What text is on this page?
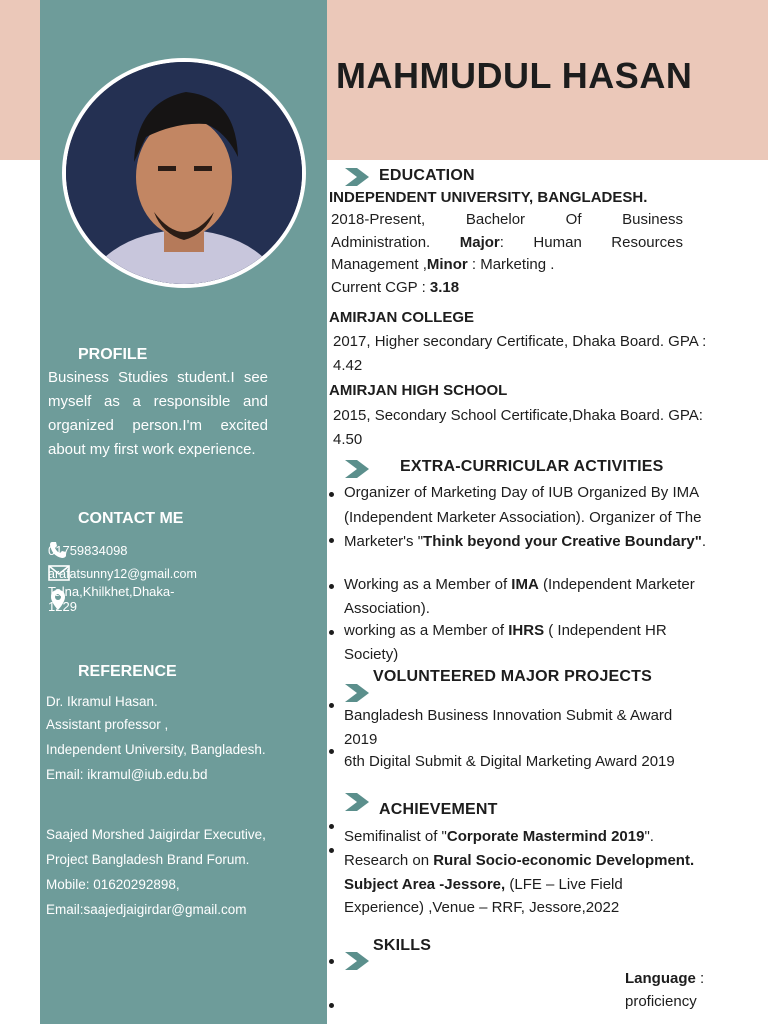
MAHMUDUL HASAN
PROFILE
Business Studies student.I see myself as a responsible and organized person.I'm excited about my first work experience.
CONTACT ME
01759834098
arafatsunny12@gmail.com
Talna,Khilkhet,Dhaka-1229
REFERENCE
Dr. Ikramul Hasan.
Assistant professor ,
Independent University, Bangladesh.
Email: ikramul@iub.edu.bd
Saajed Morshed Jaigirdar Executive,
Project Bangladesh Brand Forum.
Mobile: 01620292898,
Email:saajedjaigirdar@gmail.com
EDUCATION
INDEPENDENT UNIVERSITY, BANGLADESH.
2018-Present, Bachelor Of Business
Administration. Major: Human Resources
Management ,Minor : Marketing .
Current CGP : 3.18
AMIRJAN COLLEGE
2017, Higher secondary Certificate, Dhaka Board. GPA :
4.42
AMIRJAN HIGH SCHOOL
2015, Secondary School Certificate,Dhaka Board. GPA:
4.50
EXTRA-CURRICULAR ACTIVITIES
Organizer of Marketing Day of IUB Organized By IMA
(Independent Marketer Association). Organizer of The
Marketer's "Think beyond your Creative Boundary".
Working as a Member of IMA (Independent Marketer
Association).
working as a Member of IHRS ( Independent HR
Society)
VOLUNTEERED MAJOR PROJECTS
Bangladesh Business Innovation Submit & Award
2019
6th Digital Submit & Digital Marketing Award 2019
ACHIEVEMENT
Semifinalist of "Corporate Mastermind 2019".
Research on Rural Socio-economic Development.
Subject Area -Jessore, (LFE – Live Field
Experience) ,Venue – RRF, Jessore,2022
SKILLS
Language :
proficiency
